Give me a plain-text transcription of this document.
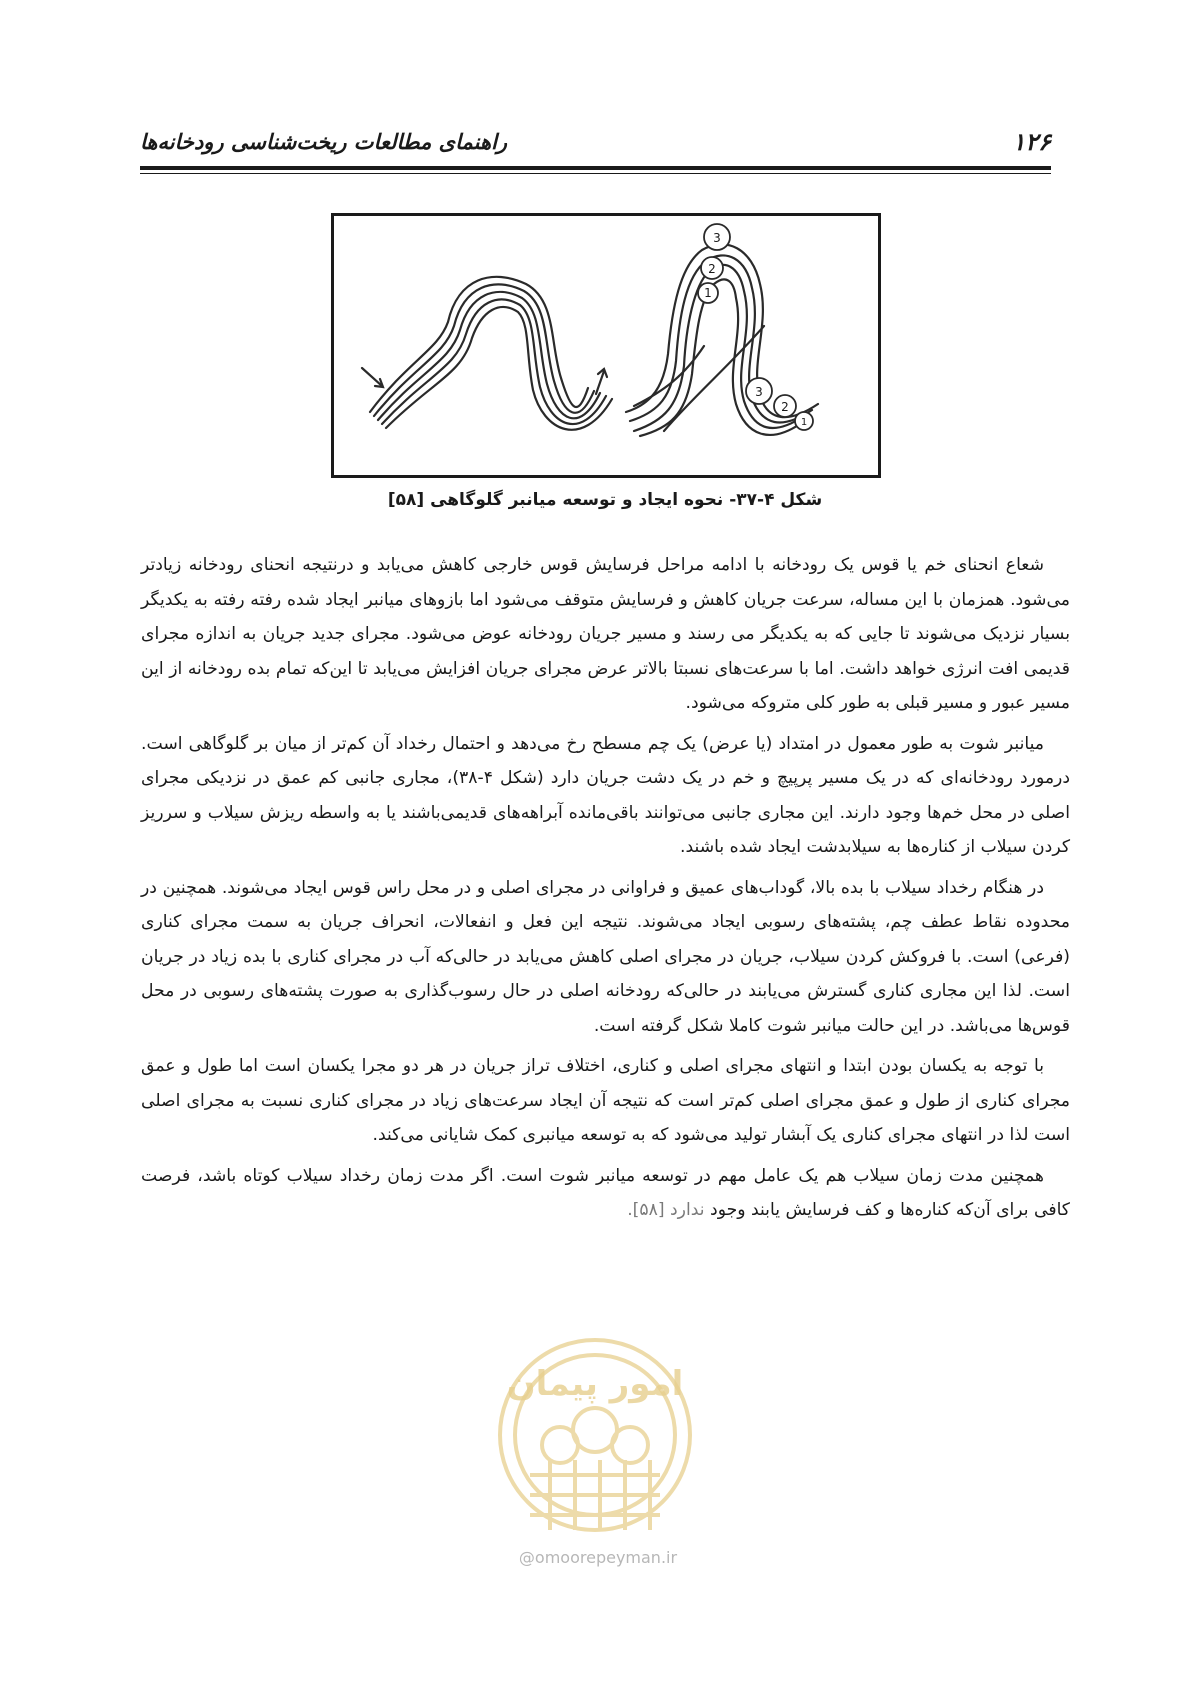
۱۲۶
راهنمای مطالعات ریخت‌شناسی رودخانه‌ها
3
2
1
3
2
1
شکل ۴-۳۷- نحوه ایجاد و توسعه میانبر گلوگاهی [۵۸]

شعاع انحنای خم یا قوس یک رودخانه با ادامه مراحل فرسایش قوس خارجی کاهش می‌یابد و درنتیجه انحنای رودخانه زیادتر می‌شود. همزمان با این مساله، سرعت جریان کاهش و فرسایش متوقف می‌شود اما بازوهای میانبر ایجاد شده رفته رفته به یکدیگر بسیار نزدیک می‌شوند تا جایی که به یکدیگر می رسند و مسیر جریان رودخانه عوض می‌شود. مجرای جدید جریان به اندازه مجرای قدیمی افت انرژی خواهد داشت. اما با سرعت‌های نسبتا بالاتر عرض مجرای جریان افزایش می‌یابد تا این‌که تمام بده رودخانه از این مسیر عبور و مسیر قبلی به طور کلی متروکه می‌شود.

میانبر شوت به طور معمول در امتداد (یا عرض) یک چم مسطح رخ می‌دهد و احتمال رخداد آن کم‌تر از میان بر گلوگاهی است. درمورد رودخانه‌ای که در یک مسیر پرپیچ و خم در یک دشت جریان دارد (شکل ۴-۳۸)، مجاری جانبی کم عمق در نزدیکی مجرای اصلی در محل خم‌ها وجود دارند. این مجاری جانبی می‌توانند باقی‌مانده آبراهه‌های قدیمی‌باشند یا به واسطه ریزش سیلاب و سرریز کردن سیلاب از کناره‌ها به سیلابدشت ایجاد شده باشند.

در هنگام رخداد سیلاب با بده بالا، گوداب‌های عمیق و فراوانی در مجرای اصلی و در محل راس قوس ایجاد می‌شوند. همچنین در محدوده نقاط عطف چم، پشته‌های رسوبی ایجاد می‌شوند. نتیجه این فعل و انفعالات، انحراف جریان به سمت مجرای کناری (فرعی) است. با فروکش کردن سیلاب، جریان در مجرای اصلی کاهش می‌یابد در حالی‌که آب در مجرای کناری با بده زیاد در جریان است. لذا این مجاری کناری گسترش می‌یابند در حالی‌که رودخانه اصلی در حال رسوب‌گذاری به صورت پشته‌های رسوبی در محل قوس‌ها می‌باشد. در این حالت میانبر شوت کاملا شکل گرفته است.

با توجه به یکسان بودن ابتدا و انتهای مجرای اصلی و کناری، اختلاف تراز جریان در هر دو مجرا یکسان است اما طول و عمق مجرای کناری از طول و عمق مجرای اصلی کم‌تر است که نتیجه آن ایجاد سرعت‌های زیاد در مجرای کناری نسبت به مجرای اصلی است لذا در انتهای مجرای کناری یک آبشار تولید می‌شود که به توسعه میانبری کمک شایانی می‌کند.

همچنین مدت زمان سیلاب هم یک عامل مهم در توسعه میانبر شوت است. اگر مدت زمان رخداد سیلاب کوتاه باشد، فرصت کافی برای آن‌که کناره‌ها و کف فرسایش یابند وجود ندارد [۵۸].

امور پیمان
@omoorepeyman.ir
